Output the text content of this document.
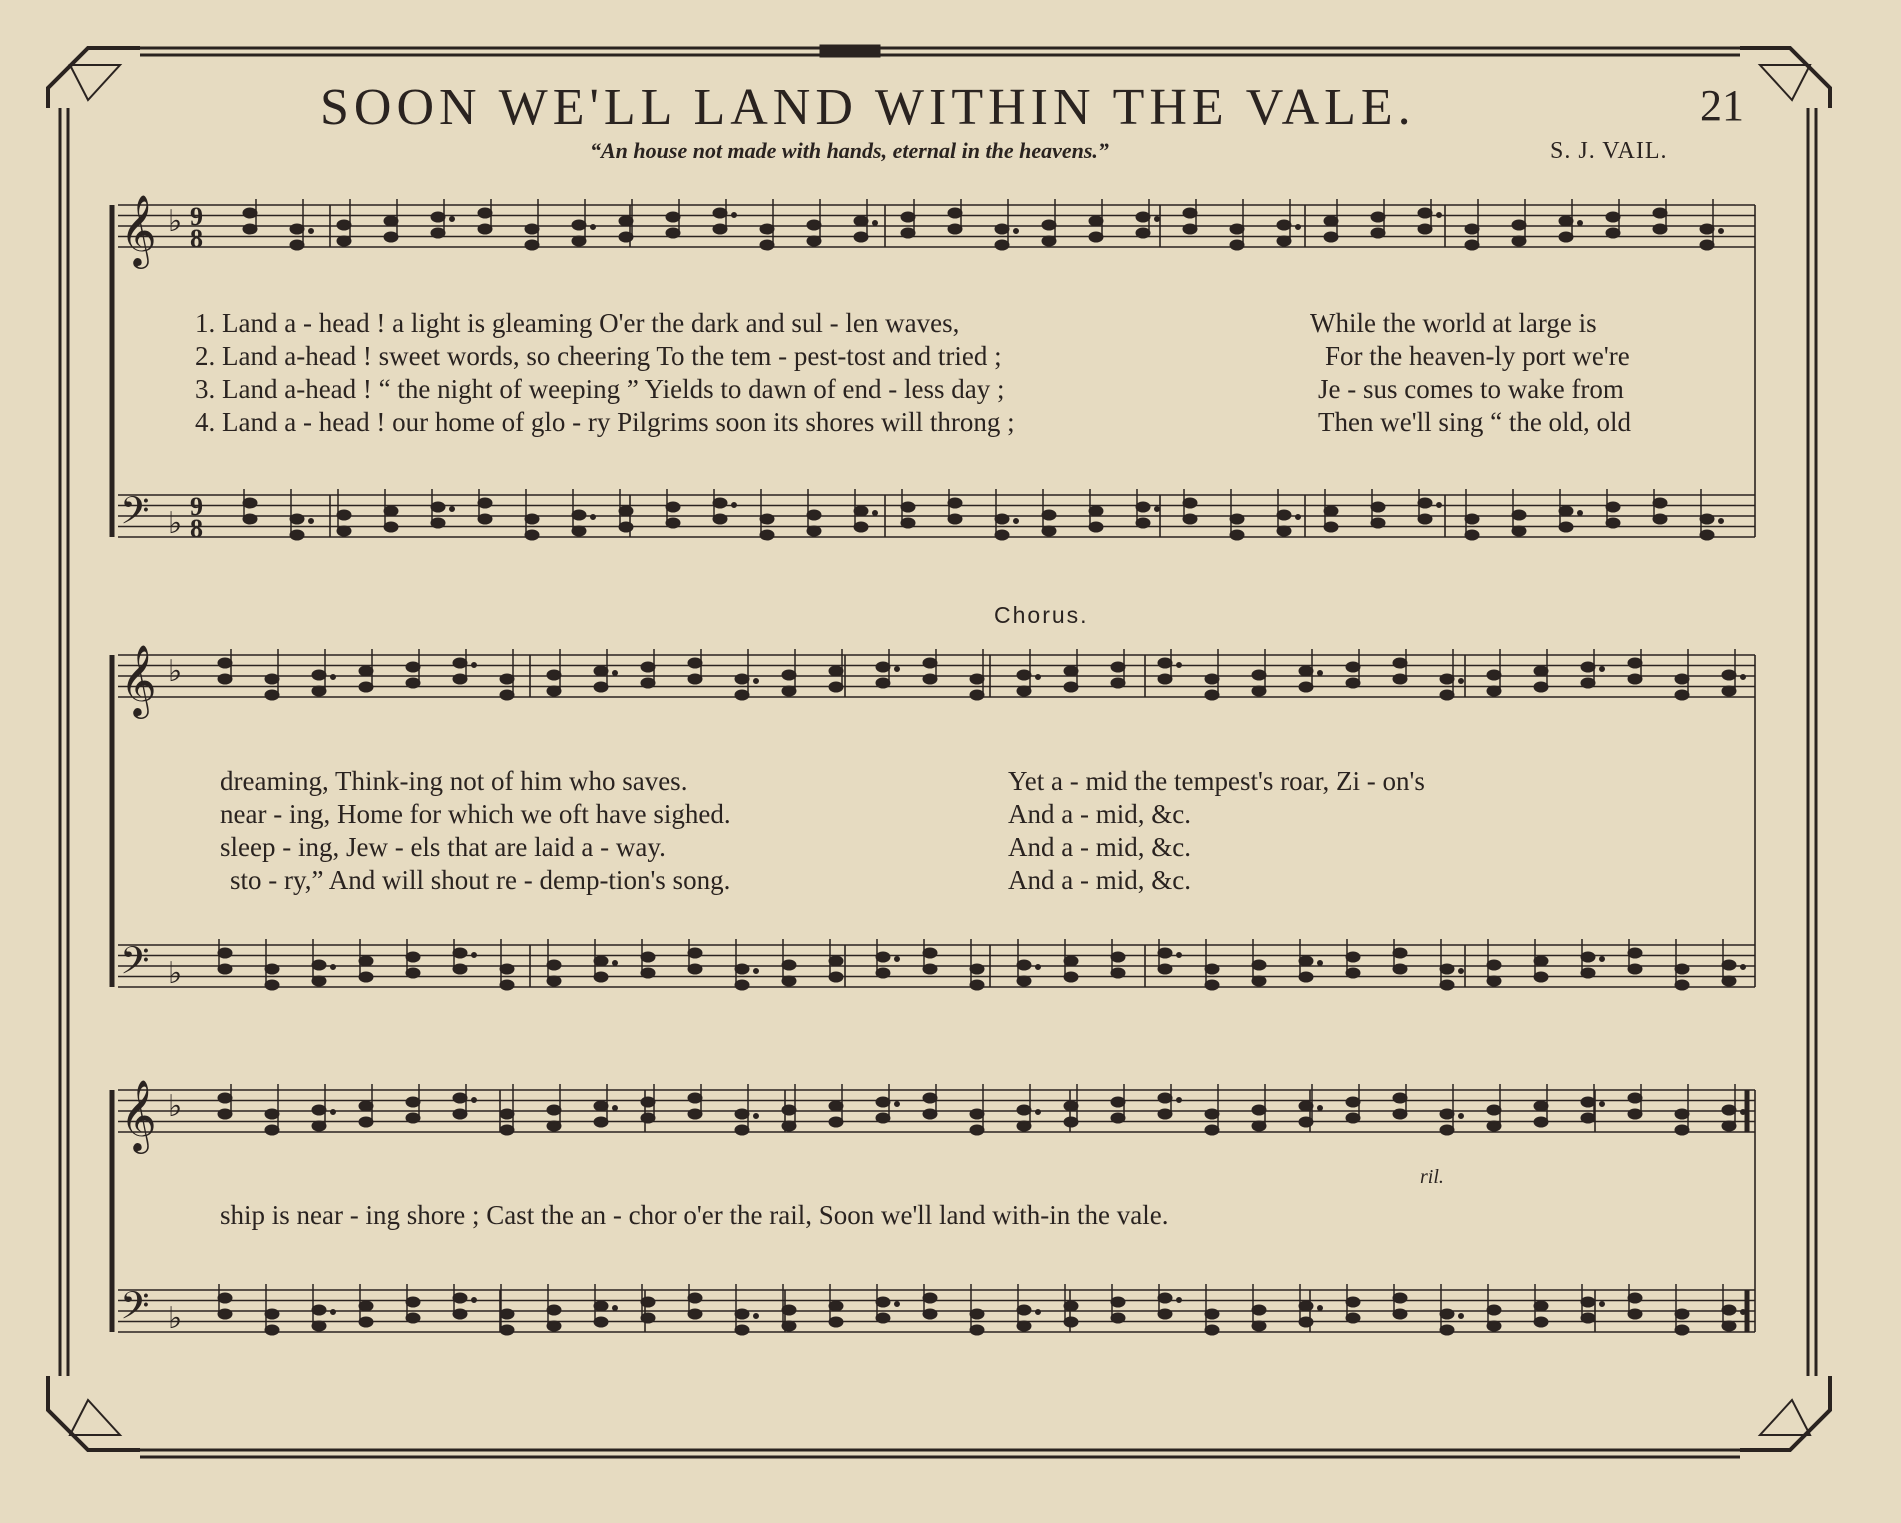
𝄞 ♭ 9
8
𝄢 ♭
9
8
𝄞 ♭
𝄢 ♭
𝄞 ♭
𝄢 ♭
SOON WE'LL LAND WITHIN THE VALE.	21
“An house not made with hands, eternal in the heavens.”	S. J. VAIL.
1. Land a - head ! a light is gleaming O'er the dark and sul - len waves,
2. Land a-head ! sweet words, so cheering To the tem - pest-tost and tried ;
3. Land a-head ! “ the night of weeping ” Yields to dawn of end - less day ;
4. Land a - head ! our home of glo - ry Pilgrims soon its shores will throng ;
While the world at large is
For the heaven-ly port we're
Je - sus comes to wake from
Then we'll sing “ the old, old
Chorus.
dreaming, Think-ing not of him who saves.
near - ing, Home for which we oft have sighed.
sleep - ing, Jew - els that are laid a - way.
sto - ry,” And will shout re - demp-tion's song.
Yet a - mid the tempest's roar, Zi - on's
And a - mid, &c.
And a - mid, &c.
And a - mid, &c.
ril.
ship is near - ing shore ; Cast the an - chor o'er the rail, Soon we'll land with-in the vale.
